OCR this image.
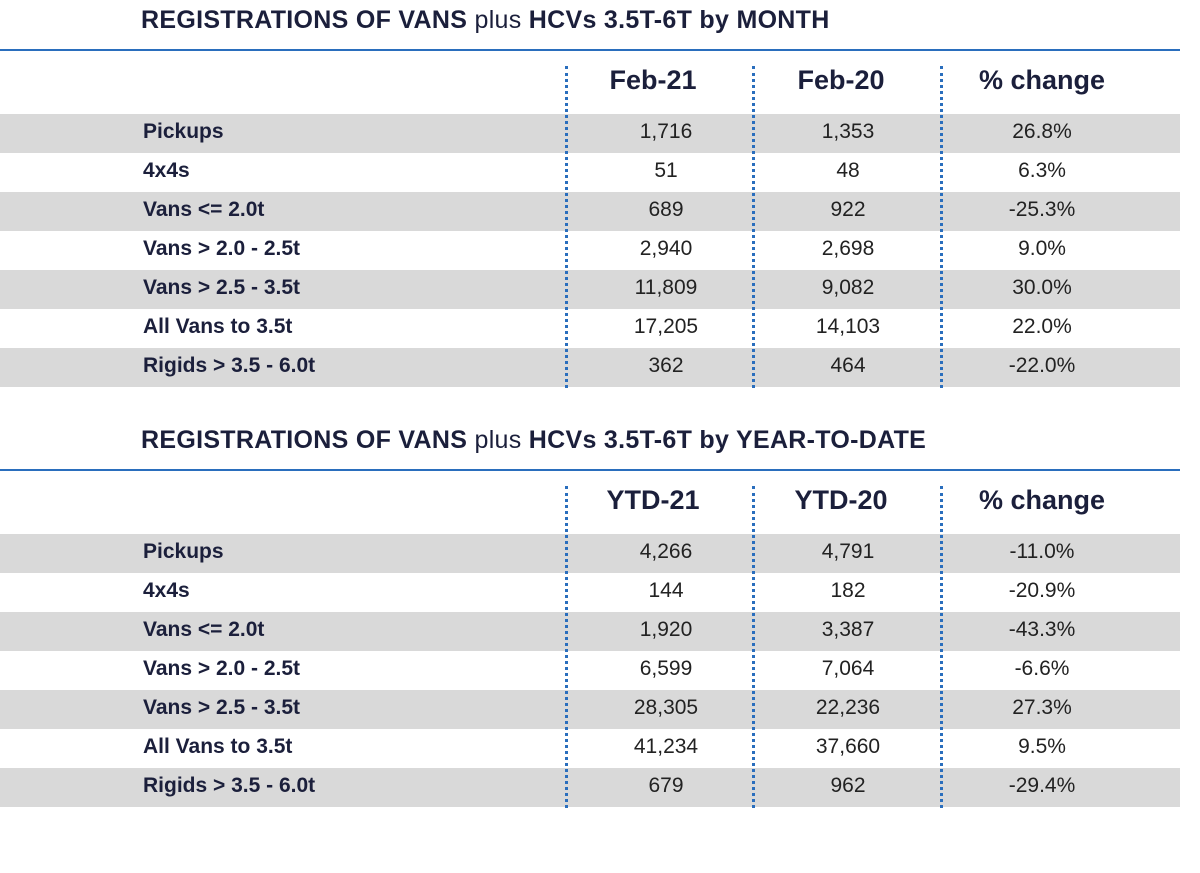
REGISTRATIONS OF VANS plus HCVs 3.5T-6T by MONTH
Feb-21	Feb-20	% change
Pickups	1,716	1,353	26.8%
4x4s	51	48	6.3%
Vans <= 2.0t	689	922	-25.3%
Vans > 2.0 - 2.5t	2,940	2,698	9.0%
Vans > 2.5 - 3.5t	11,809	9,082	30.0%
All Vans to 3.5t	17,205	14,103	22.0%
Rigids > 3.5 - 6.0t	362	464	-22.0%
REGISTRATIONS OF VANS plus HCVs 3.5T-6T by YEAR-TO-DATE
YTD-21	YTD-20	% change
Pickups	4,266	4,791	-11.0%
4x4s	144	182	-20.9%
Vans <= 2.0t	1,920	3,387	-43.3%
Vans > 2.0 - 2.5t	6,599	7,064	-6.6%
Vans > 2.5 - 3.5t	28,305	22,236	27.3%
All Vans to 3.5t	41,234	37,660	9.5%
Rigids > 3.5 - 6.0t	679	962	-29.4%
